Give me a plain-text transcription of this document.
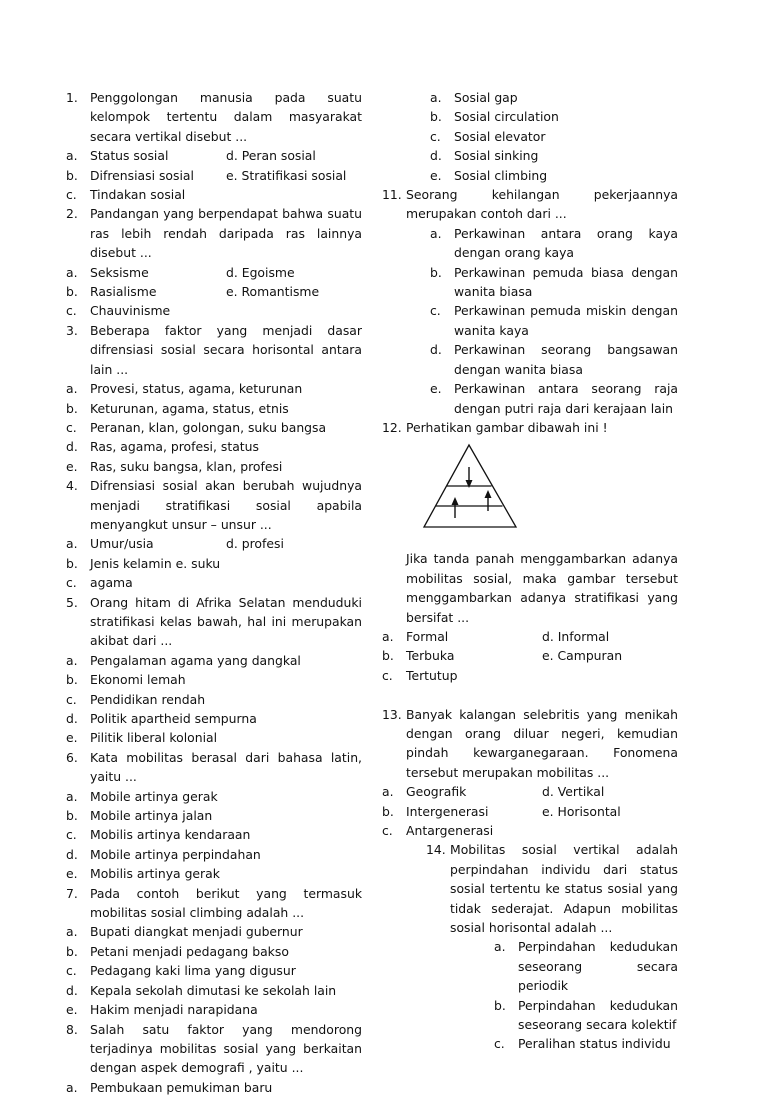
1. Penggolongan manusia pada suatu kelompok tertentu dalam masyarakat secara vertikal disebut ...
a.	Status sosial	d. Peran sosial
b. Difrensiasi sosial	e. Stratifikasi sosial
c.	Tindakan sosial
2. Pandangan yang berpendapat bahwa suatu ras lebih rendah daripada ras lainnya disebut ...
a.	Seksisme	d. Egoisme
b. Rasialisme	e. Romantisme
c.	Chauvinisme
3. Beberapa faktor yang menjadi dasar difrensiasi sosial secara horisontal antara lain ...
a.	Provesi, status, agama, keturunan
b. Keturunan, agama, status, etnis
c.	Peranan, klan, golongan, suku bangsa
d. Ras, agama, profesi, status
e.	Ras, suku bangsa, klan, profesi
4. Difrensiasi sosial akan berubah wujudnya menjadi stratifikasi sosial apabila menyangkut unsur – unsur ...
a.	Umur/usia	d. profesi
b. Jenis kelamin e. suku
c.	agama
5. Orang hitam di Afrika Selatan menduduki stratifikasi kelas bawah, hal ini merupakan akibat dari ...
a.	Pengalaman agama yang dangkal
b. Ekonomi lemah
c.	Pendidikan rendah
d. Politik apartheid sempurna
e.	Pilitik liberal kolonial
6. Kata mobilitas berasal dari bahasa latin, yaitu ...
a.	Mobile artinya gerak
b. Mobile artinya jalan
c.	Mobilis artinya kendaraan
d. Mobile artinya perpindahan
e.	Mobilis artinya gerak
7. Pada contoh berikut yang termasuk mobilitas sosial climbing adalah ...
a.	Bupati diangkat menjadi gubernur
b. Petani menjadi pedagang bakso
c.	Pedagang kaki lima yang digusur
d. Kepala sekolah dimutasi ke sekolah lain
e.	Hakim menjadi narapidana
8. Salah satu faktor yang mendorong terjadinya mobilitas sosial yang berkaitan dengan aspek demografi , yaitu ...
a.	Pembukaan pemukiman baru
a.	Sosial gap
b. Sosial circulation
c.	Sosial elevator
d. Sosial sinking
e.	Sosial climbing
11. Seorang kehilangan pekerjaannya merupakan contoh dari ...
a.	Perkawinan antara orang kaya dengan orang kaya
b. Perkawinan pemuda biasa dengan wanita biasa
c.	Perkawinan pemuda miskin dengan wanita kaya
d. Perkawinan seorang bangsawan dengan wanita biasa
e.	Perkawinan antara seorang raja dengan putri raja dari kerajaan lain
12. Perhatikan gambar dibawah ini !
Jika tanda panah menggambarkan adanya mobilitas sosial, maka gambar tersebut menggambarkan adanya stratifikasi yang bersifat ...
a.	Formal	d. Informal
b. Terbuka	e. Campuran
c.	Tertutup
13. Banyak kalangan selebritis yang menikah dengan orang diluar negeri, kemudian pindah kewarganegaraan. Fonomena tersebut merupakan mobilitas ...
a.	Geografik	d. Vertikal
b. Intergenerasi	e. Horisontal
c.	Antargenerasi
14. Mobilitas sosial vertikal adalah perpindahan individu dari status sosial tertentu ke status sosial yang tidak sederajat. Adapun mobilitas sosial horisontal adalah ...
a.	Perpindahan kedudukan seseorang secara periodik
b. Perpindahan kedudukan seseorang secara kolektif
c.	Peralihan status individu
